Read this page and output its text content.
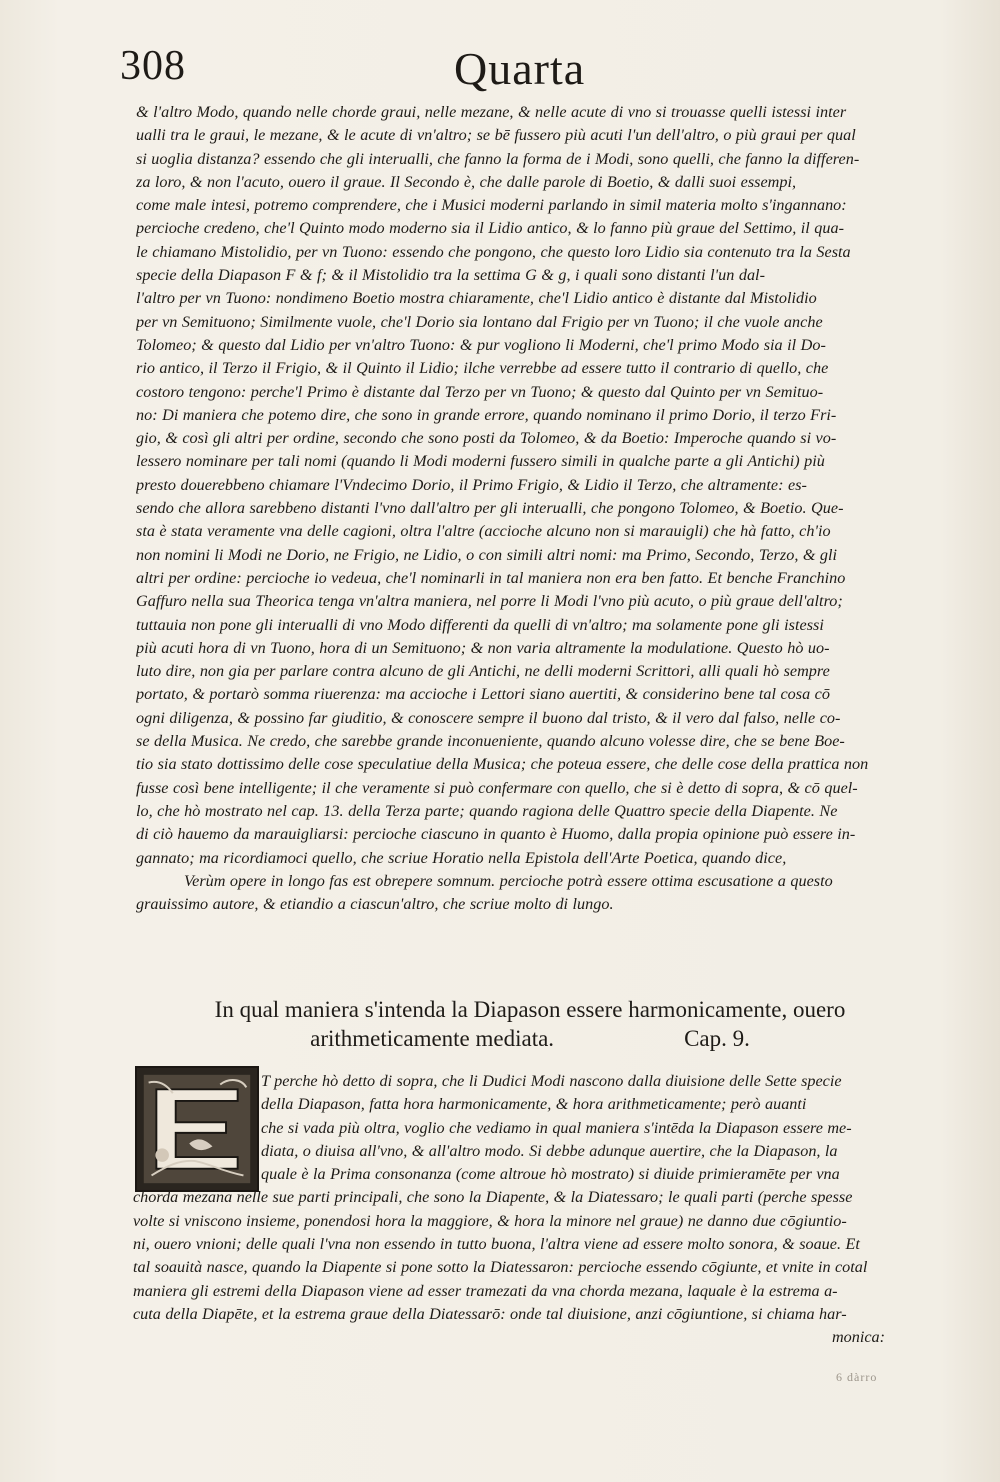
308	Quarta
& l'altro Modo, quando nelle chorde graui, nelle mezane, & nelle acute di vno si trouasse quelli istessi inter
ualli tra le graui, le mezane, & le acute di vn'altro; se bē fussero più acuti l'un dell'altro, o più graui per qual
si uoglia distanza? essendo che gli interualli, che fanno la forma de i Modi, sono quelli, che fanno la differen-
za loro, & non l'acuto, ouero il graue. Il Secondo è, che dalle parole di Boetio, & dalli suoi essempi,
come male intesi, potremo comprendere, che i Musici moderni parlando in simil materia molto s'ingannano:
percioche credeno, che'l Quinto modo moderno sia il Lidio antico, & lo fanno più graue del Settimo, il qua-
le chiamano Mistolidio, per vn Tuono: essendo che pongono, che questo loro Lidio sia contenuto tra la Sesta
specie della Diapason F & f; & il Mistolidio tra la settima G & g, i quali sono distanti l'un dal-
l'altro per vn Tuono: nondimeno Boetio mostra chiaramente, che'l Lidio antico è distante dal Mistolidio
per vn Semituono; Similmente vuole, che'l Dorio sia lontano dal Frigio per vn Tuono; il che vuole anche
Tolomeo; & questo dal Lidio per vn'altro Tuono: & pur vogliono li Moderni, che'l primo Modo sia il Do-
rio antico, il Terzo il Frigio, & il Quinto il Lidio; ilche verrebbe ad essere tutto il contrario di quello, che
costoro tengono: perche'l Primo è distante dal Terzo per vn Tuono; & questo dal Quinto per vn Semituo-
no: Di maniera che potemo dire, che sono in grande errore, quando nominano il primo Dorio, il terzo Fri-
gio, & così gli altri per ordine, secondo che sono posti da Tolomeo, & da Boetio: Imperoche quando si vo-
lessero nominare per tali nomi (quando li Modi moderni fussero simili in qualche parte a gli Antichi) più
presto douerebbeno chiamare l'Vndecimo Dorio, il Primo Frigio, & Lidio il Terzo, che altramente: es-
sendo che allora sarebbeno distanti l'vno dall'altro per gli interualli, che pongono Tolomeo, & Boetio. Que-
sta è stata veramente vna delle cagioni, oltra l'altre (accioche alcuno non si marauigli) che hà fatto, ch'io
non nomini li Modi ne Dorio, ne Frigio, ne Lidio, o con simili altri nomi: ma Primo, Secondo, Terzo, & gli
altri per ordine: percioche io vedeua, che'l nominarli in tal maniera non era ben fatto. Et benche Franchino
Gaffuro nella sua Theorica tenga vn'altra maniera, nel porre li Modi l'vno più acuto, o più graue dell'altro;
tuttauia non pone gli interualli di vno Modo differenti da quelli di vn'altro; ma solamente pone gli istessi
più acuti hora di vn Tuono, hora di un Semituono; & non varia altramente la modulatione. Questo hò uo-
luto dire, non gia per parlare contra alcuno de gli Antichi, ne delli moderni Scrittori, alli quali hò sempre
portato, & portarò somma riuerenza: ma accioche i Lettori siano auertiti, & considerino bene tal cosa cō
ogni diligenza, & possino far giuditio, & conoscere sempre il buono dal tristo, & il vero dal falso, nelle co-
se della Musica. Ne credo, che sarebbe grande inconueniente, quando alcuno volesse dire, che se bene Boe-
tio sia stato dottissimo delle cose speculatiue della Musica; che poteua essere, che delle cose della prattica non
fusse così bene intelligente; il che veramente si può confermare con quello, che si è detto di sopra, & cō quel-
lo, che hò mostrato nel cap. 13. della Terza parte; quando ragiona delle Quattro specie della Diapente. Ne
di ciò hauemo da marauigliarsi: percioche ciascuno in quanto è Huomo, dalla propia opinione può essere in-
gannato; ma ricordiamoci quello, che scriue Horatio nella Epistola dell'Arte Poetica, quando dice,
Verùm opere in longo fas est obrepere somnum. percioche potrà essere ottima escusatione a questo
grauissimo autore, & etiandio a ciascun'altro, che scriue molto di lungo.
In qual maniera s'intenda la Diapason essere harmonicamente, ouero
arithmeticamente mediata.	Cap. 9.
T perche hò detto di sopra, che li Dudici Modi nascono dalla diuisione delle Sette specie
della Diapason, fatta hora harmonicamente, & hora arithmeticamente; però auanti
che si vada più oltra, voglio che vediamo in qual maniera s'intēda la Diapason essere me-
diata, o diuisa all'vno, & all'altro modo. Si debbe adunque auertire, che la Diapason, la
quale è la Prima consonanza (come altroue hò mostrato) si diuide primieramēte per vna
chorda mezana nelle sue parti principali, che sono la Diapente, & la Diatessaro; le quali parti (perche spesse
volte si vniscono insieme, ponendosi hora la maggiore, & hora la minore nel graue) ne danno due cōgiuntio-
ni, ouero vnioni; delle quali l'vna non essendo in tutto buona, l'altra viene ad essere molto sonora, & soaue. Et
tal soauità nasce, quando la Diapente si pone sotto la Diatessaron: percioche essendo cōgiunte, et vnite in cotal
maniera gli estremi della Diapason viene ad esser tramezati da vna chorda mezana, laquale è la estrema a-
cuta della Diapēte, et la estrema graue della Diatessarō: onde tal diuisione, anzi cōgiuntione, si chiama har-
monica:
6 dàrro
